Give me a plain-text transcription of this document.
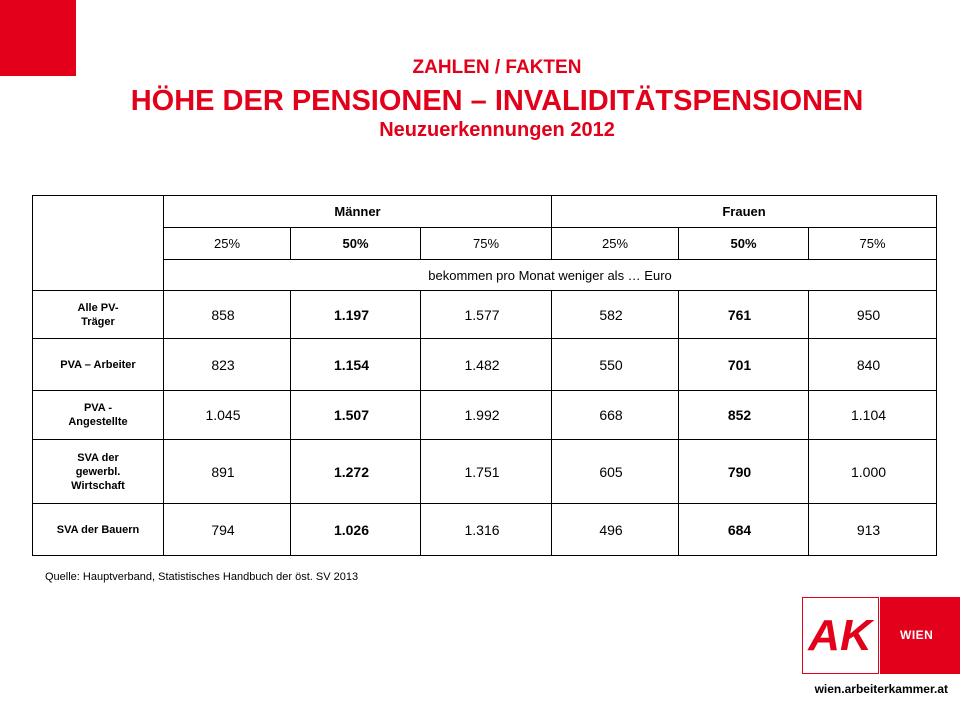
ZAHLEN / FAKTEN
HÖHE DER PENSIONEN – INVALIDITÄTSPENSIONEN
Neuzuerkennungen 2012
	Männer			Frauen		
	25%	50%	75%	25%	50%	75%
	bekommen pro Monat weniger als … Euro					

Alle PV-
Träger	858	1.197	1.577	582	761	950

PVA – Arbeiter	823	1.154	1.482	550	701	840

PVA -
Angestellte	1.045	1.507	1.992	668	852	1.104

SVA der
gewerbl.
Wirtschaft	891	1.272	1.751	605	790	1.000

SVA der Bauern	794	1.026	1.316	496	684	913
Quelle: Hauptverband, Statistisches Handbuch der öst. SV 2013
AK WIEN
wien.arbeiterkammer.at
